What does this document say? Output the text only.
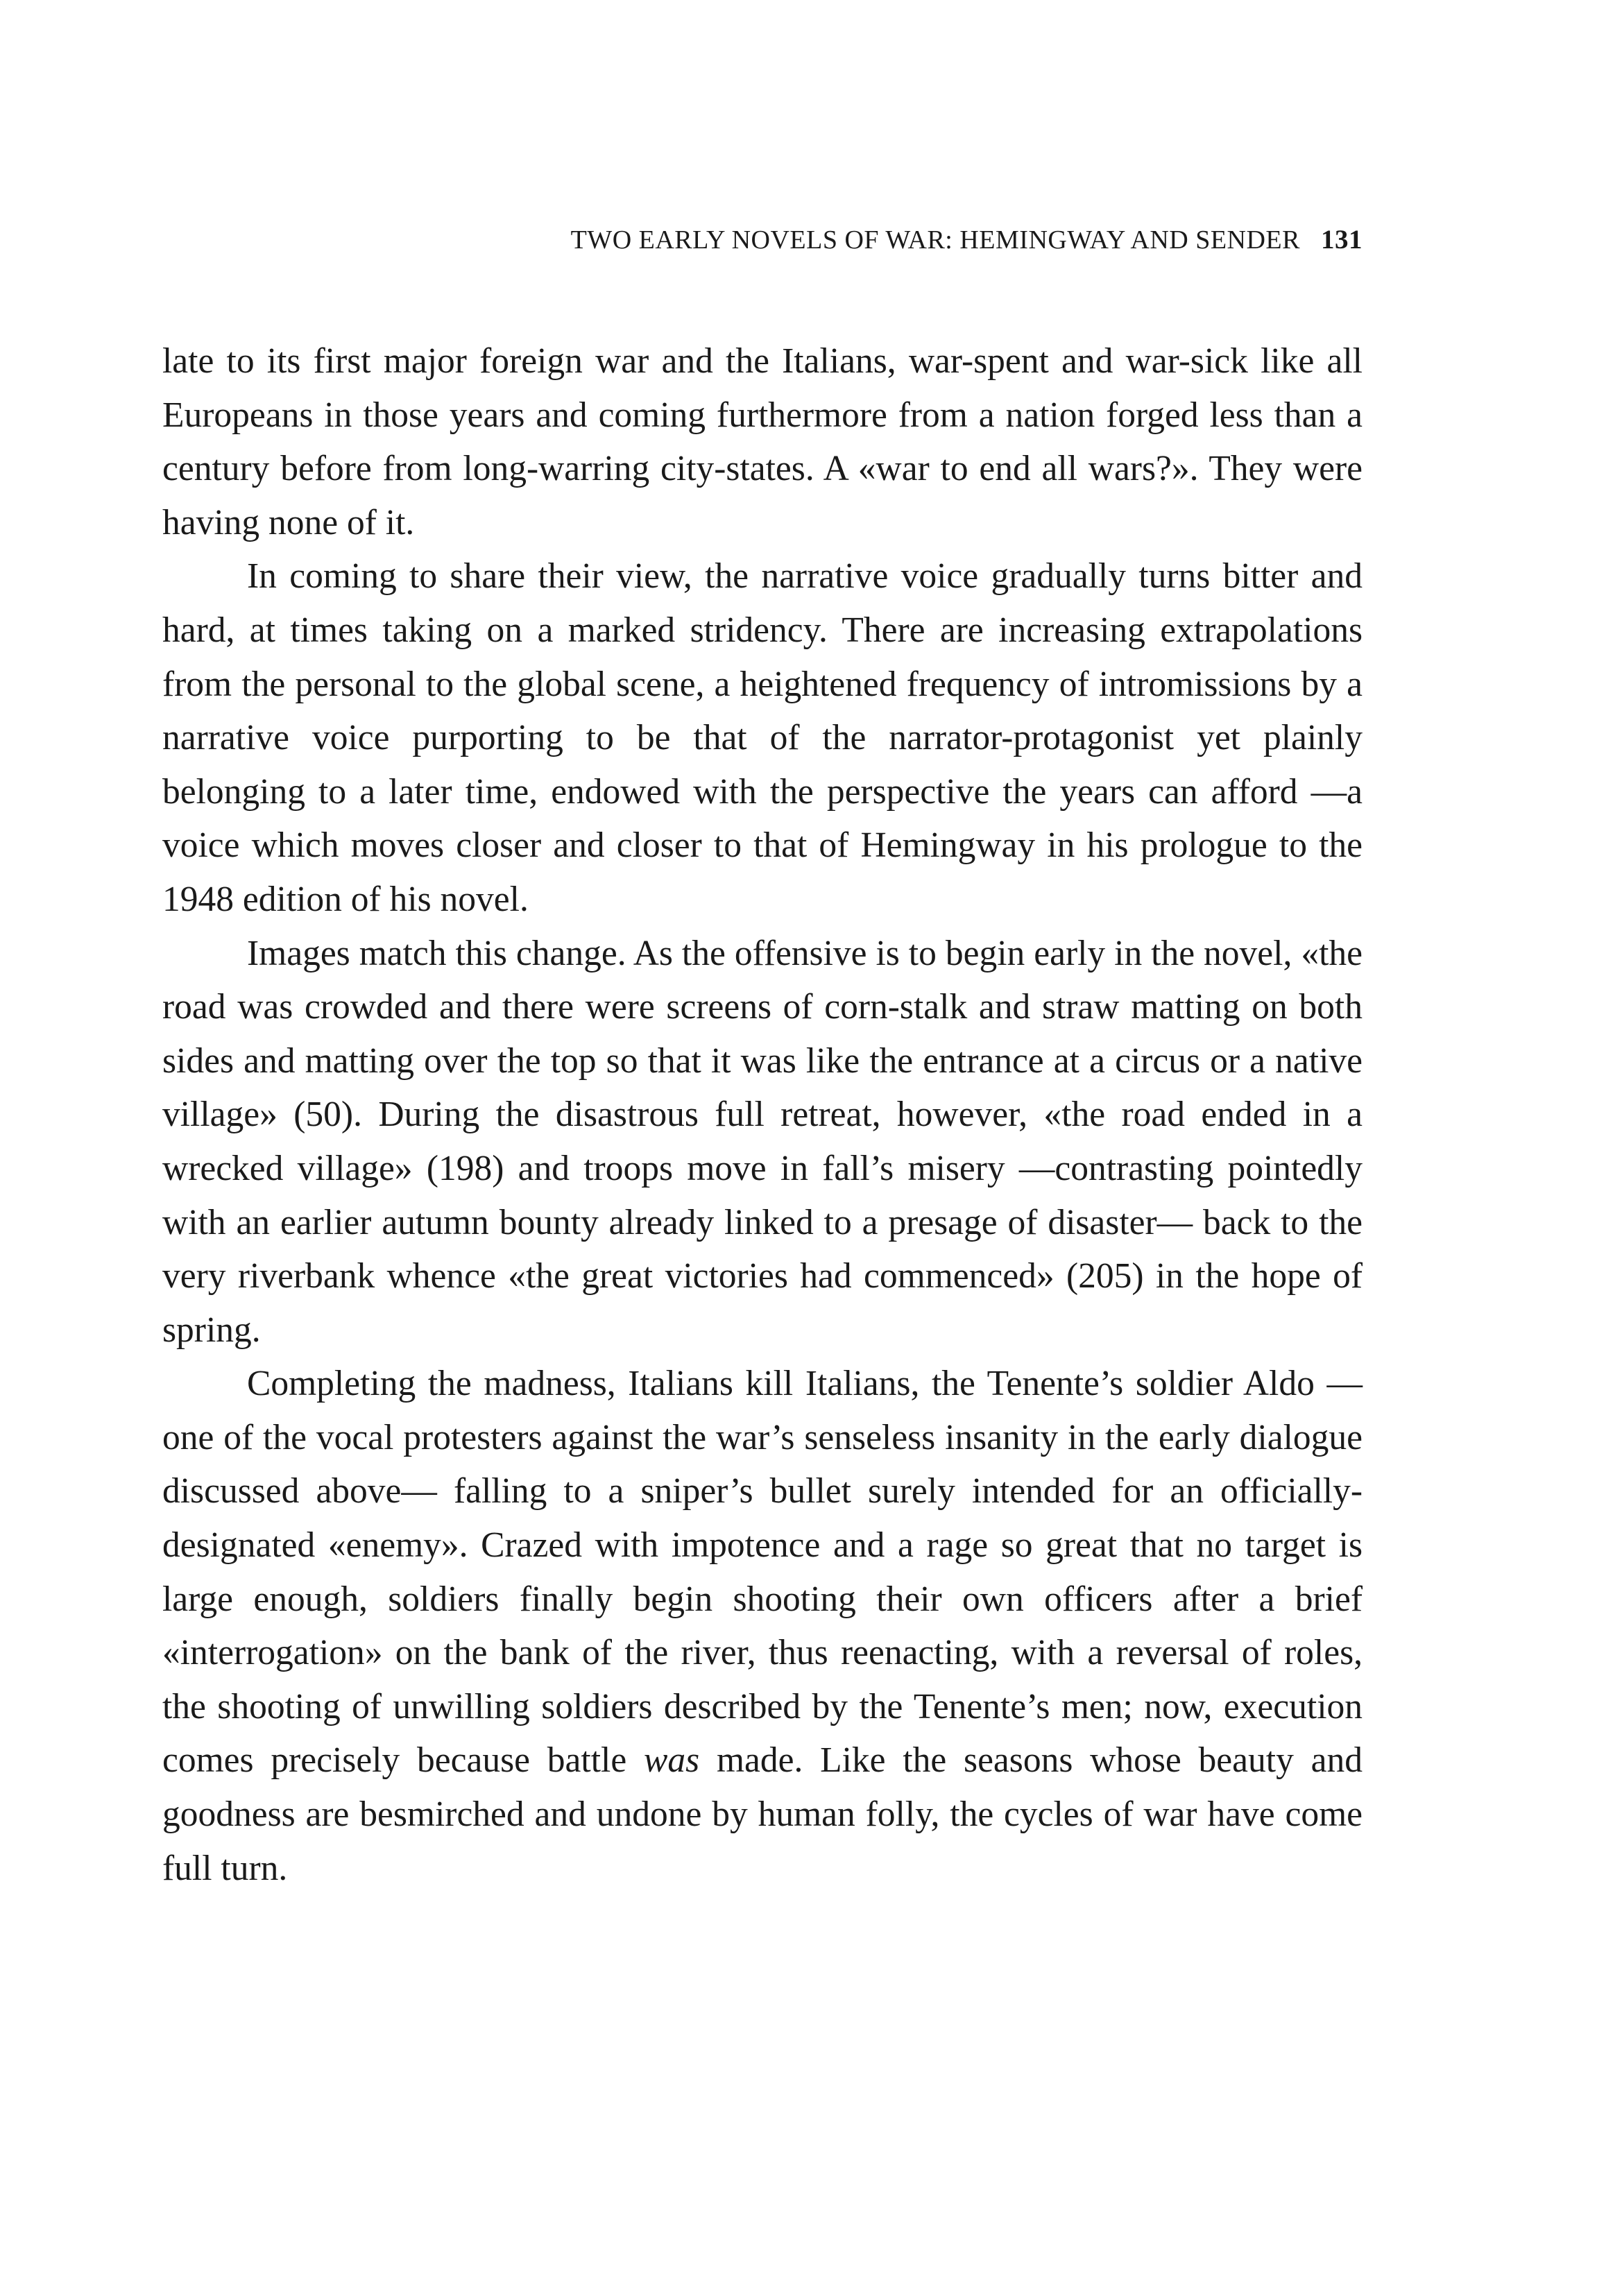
TWO EARLY NOVELS OF WAR: HEMINGWAY AND SENDER 131

late to its first major foreign war and the Italians, war-spent and war-sick like all Europeans in those years and coming furthermore from a nation forged less than a century before from long-warring city-states. A «war to end all wars?». They were having none of it.

In coming to share their view, the narrative voice gradually turns bitter and hard, at times taking on a marked stridency. There are increasing extrapolations from the personal to the global scene, a heightened frequency of intromissions by a narrative voice purporting to be that of the narrator-protagonist yet plainly belonging to a later time, endowed with the perspective the years can afford —a voice which moves closer and closer to that of Hemingway in his prologue to the 1948 edition of his novel.

Images match this change. As the offensive is to begin early in the novel, «the road was crowded and there were screens of corn-stalk and straw matting on both sides and matting over the top so that it was like the entrance at a circus or a native village» (50). During the disastrous full retreat, however, «the road ended in a wrecked village» (198) and troops move in fall’s misery —contrasting pointedly with an earlier autumn bounty already linked to a presage of disaster— back to the very riverbank whence «the great victories had commenced» (205) in the hope of spring.

Completing the madness, Italians kill Italians, the Tenente’s soldier Aldo —one of the vocal protesters against the war’s senseless insanity in the early dialogue discussed above— falling to a sniper’s bullet surely intended for an officially-designated «enemy». Crazed with impotence and a rage so great that no target is large enough, soldiers finally begin shooting their own officers after a brief «interrogation» on the bank of the river, thus reenacting, with a reversal of roles, the shooting of unwilling soldiers described by the Tenente’s men; now, execution comes precisely because battle was made. Like the seasons whose beauty and goodness are besmirched and undone by human folly, the cycles of war have come full turn.
